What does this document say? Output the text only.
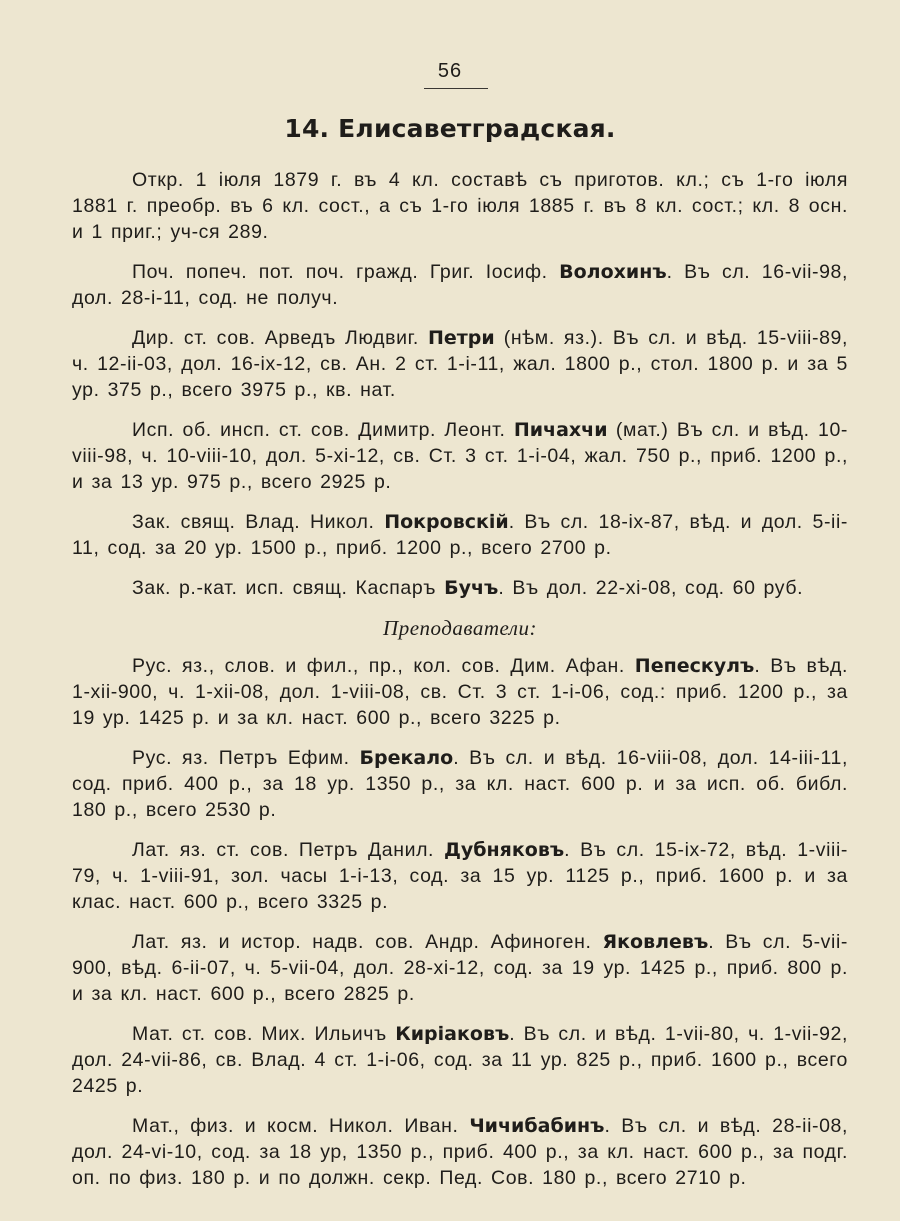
56
14. Елисаветградская.

Откр. 1 іюля 1879 г. въ 4 кл. составѣ съ приготов. кл.; съ 1-го іюля 1881 г. преобр. въ 6 кл. сост., а съ 1-го іюля 1885 г. въ 8 кл. сост.; кл. 8 осн. и 1 приг.; уч-ся 289.

Поч. попеч. пот. поч. гражд. Григ. Іосиф. Волохинъ. Въ сл. 16-vii-98, дол. 28-i-11, сод. не получ.

Дир. ст. сов. Арведъ Людвиг. Петри (нѣм. яз.). Въ сл. и вѣд. 15-viii-89, ч. 12-ii-03, дол. 16-ix-12, св. Ан. 2 ст. 1-i-11, жал. 1800 р., стол. 1800 р. и за 5 ур. 375 р., всего 3975 р., кв. нат.

Исп. об. инсп. ст. сов. Димитр. Леонт. Пичахчи (мат.) Въ сл. и вѣд. 10-viii-98, ч. 10-viii-10, дол. 5-xi-12, св. Ст. 3 ст. 1-i-04, жал. 750 р., приб. 1200 р., и за 13 ур. 975 р., всего 2925 р.

Зак. свящ. Влад. Никол. Покровскій. Въ сл. 18-ix-87, вѣд. и дол. 5-ii-11, сод. за 20 ур. 1500 р., приб. 1200 р., всего 2700 р.

Зак. р.-кат. исп. свящ. Каспаръ Бучъ. Въ дол. 22-xi-08, сод. 60 руб.

Преподаватели:

Рус. яз., слов. и фил., пр., кол. сов. Дим. Афан. Пепескулъ. Въ вѣд. 1-xii-900, ч. 1-xii-08, дол. 1-viii-08, св. Ст. 3 ст. 1-i-06, сод.: приб. 1200 р., за 19 ур. 1425 р. и за кл. наст. 600 р., всего 3225 р.

Рус. яз. Петръ Ефим. Брекало. Въ сл. и вѣд. 16-viii-08, дол. 14-iii-11, сод. приб. 400 р., за 18 ур. 1350 р., за кл. наст. 600 р. и за исп. об. библ. 180 р., всего 2530 р.

Лат. яз. ст. сов. Петръ Данил. Дубняковъ. Въ сл. 15-ix-72, вѣд. 1-viii-79, ч. 1-viii-91, зол. часы 1-i-13, сод. за 15 ур. 1125 р., приб. 1600 р. и за клас. наст. 600 р., всего 3325 р.

Лат. яз. и истор. надв. сов. Андр. Афиноген. Яковлевъ. Въ сл. 5-vii-900, вѣд. 6-ii-07, ч. 5-vii-04, дол. 28-xi-12, сод. за 19 ур. 1425 р., приб. 800 р. и за кл. наст. 600 р., всего 2825 р.

Мат. ст. сов. Мих. Ильичъ Киріаковъ. Въ сл. и вѣд. 1-vii-80, ч. 1-vii-92, дол. 24-vii-86, св. Влад. 4 ст. 1-i-06, сод. за 11 ур. 825 р., приб. 1600 р., всего 2425 р.

Мат., физ. и косм. Никол. Иван. Чичибабинъ. Въ сл. и вѣд. 28-ii-08, дол. 24-vi-10, сод. за 18 ур, 1350 р., приб. 400 р., за кл. наст. 600 р., за подг. оп. по физ. 180 р. и по должн. секр. Пед. Сов. 180 р., всего 2710 р.
